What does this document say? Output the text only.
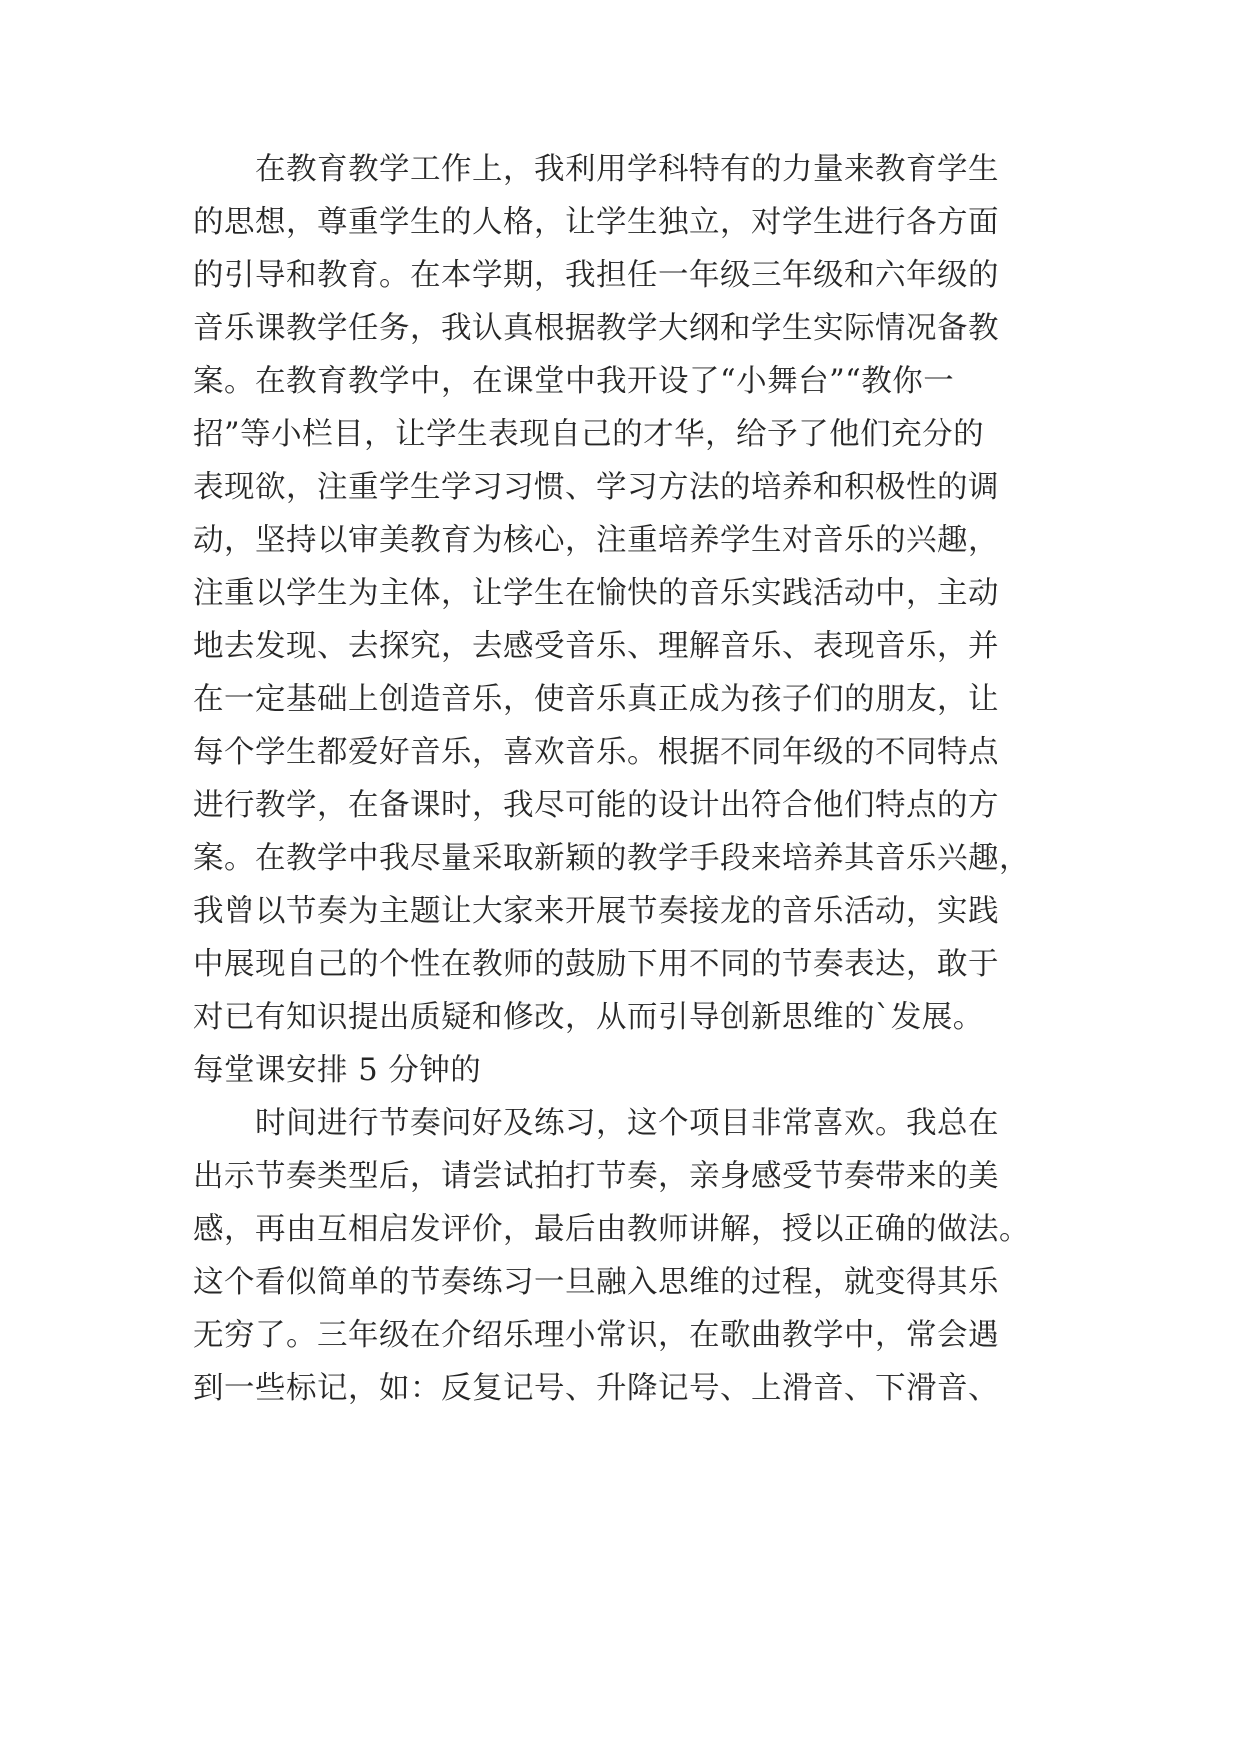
在教育教学工作上，我利用学科特有的力量来教育学生
的思想，尊重学生的人格，让学生独立，对学生进行各方面
的引导和教育。在本学期，我担任一年级三年级和六年级的
音乐课教学任务，我认真根据教学大纲和学生实际情况备教
案。在教育教学中，在课堂中我开设了“小舞台”“教你一
招”等小栏目，让学生表现自己的才华，给予了他们充分的
表现欲，注重学生学习习惯、学习方法的培养和积极性的调
动，坚持以审美教育为核心，注重培养学生对音乐的兴趣，
注重以学生为主体，让学生在愉快的音乐实践活动中，主动
地去发现、去探究，去感受音乐、理解音乐、表现音乐，并
在一定基础上创造音乐，使音乐真正成为孩子们的朋友，让
每个学生都爱好音乐，喜欢音乐。根据不同年级的不同特点
进行教学，在备课时，我尽可能的设计出符合他们特点的方
案。在教学中我尽量采取新颖的教学手段来培养其音乐兴趣，
我曾以节奏为主题让大家来开展节奏接龙的音乐活动，实践
中展现自己的个性在教师的鼓励下用不同的节奏表达，敢于
对已有知识提出质疑和修改，从而引导创新思维的`发展。
每堂课安排 5 分钟的
时间进行节奏问好及练习，这个项目非常喜欢。我总在
出示节奏类型后，请尝试拍打节奏，亲身感受节奏带来的美
感，再由互相启发评价，最后由教师讲解，授以正确的做法。
这个看似简单的节奏练习一旦融入思维的过程，就变得其乐
无穷了。三年级在介绍乐理小常识，在歌曲教学中，常会遇
到一些标记，如：反复记号、升降记号、上滑音、下滑音、
